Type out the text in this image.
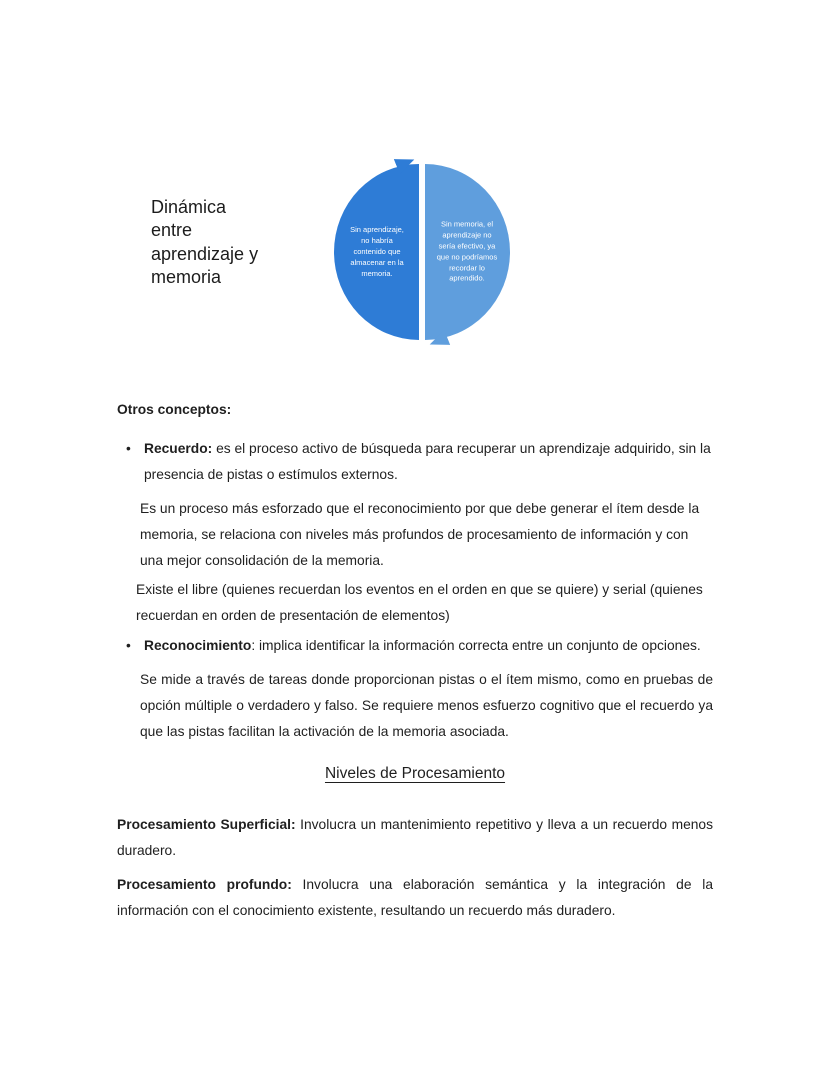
Dinámica entre aprendizaje y memoria
Sin aprendizaje, no habría contenido que almacenar en la memoria.
Sin memoria, el aprendizaje no sería efectivo, ya que no podríamos recordar lo aprendido.

Otros conceptos:

• Recuerdo: es el proceso activo de búsqueda para recuperar un aprendizaje adquirido, sin la presencia de pistas o estímulos externos.

Es un proceso más esforzado que el reconocimiento por que debe generar el ítem desde la memoria, se relaciona con niveles más profundos de procesamiento de información y con una mejor consolidación de la memoria.

Existe el libre (quienes recuerdan los eventos en el orden en que se quiere) y serial (quienes recuerdan en orden de presentación de elementos)

• Reconocimiento: implica identificar la información correcta entre un conjunto de opciones.

Se mide a través de tareas donde proporcionan pistas o el ítem mismo, como en pruebas de opción múltiple o verdadero y falso. Se requiere menos esfuerzo cognitivo que el recuerdo ya que las pistas facilitan la activación de la memoria asociada.

Niveles de Procesamiento

Procesamiento Superficial: Involucra un mantenimiento repetitivo y lleva a un recuerdo menos duradero.

Procesamiento profundo: Involucra una elaboración semántica y la integración de la información con el conocimiento existente, resultando un recuerdo más duradero.
